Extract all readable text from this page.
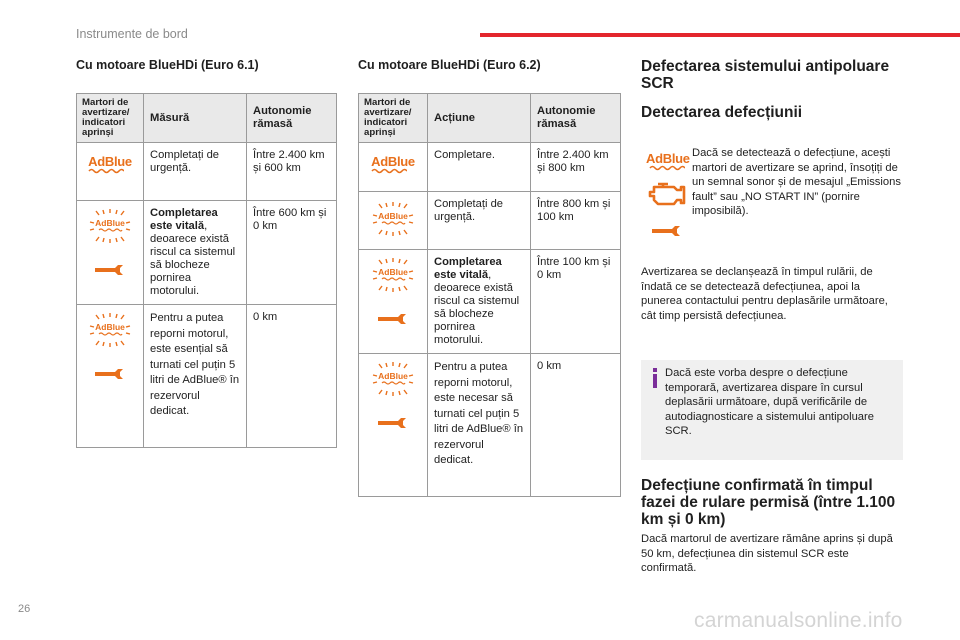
Instrumente de bord
Cu motoare BlueHDi (Euro 6.1)
Martori de avertizare/ indicatori aprinși	Măsură	Autonomie rămasă

AdBlue	Completați de urgență.	Între 2.400 km și 600 km

AdBlue	Completarea este vitală, deoarece există riscul ca sistemul să blocheze pornirea motorului.	Între 600 km și 0 km

AdBlue	Pentru a putea reporni motorul, este esențial să turnati cel puțin 5 litri de AdBlue® în rezervorul dedicat.	0 km
Cu motoare BlueHDi (Euro 6.2)
Martori de avertizare/ indicatori aprinși	Acțiune	Autonomie rămasă

AdBlue	Completare.	Între 2.400 km și 800 km

AdBlue	Completați de urgență.	Între 800 km și 100 km

AdBlue	Completarea este vitală, deoarece există riscul ca sistemul să blocheze pornirea motorului.	Între 100 km și 0 km

AdBlue	Pentru a putea reporni motorul, este necesar să turnati cel puțin 5 litri de AdBlue® în rezervorul dedicat.	0 km
Defectarea sistemului antipoluare SCR
Detectarea defecțiunii
AdBlue Dacă se detectează o defecțiune, acești martori de avertizare se aprind, însoțiți de un semnal sonor și de mesajul „Emissions fault” sau „NO START IN” (pornire imposibilă).
Avertizarea se declanșează în timpul rulării, de îndată ce se detectează defecțiunea, apoi la punerea contactului pentru deplasările următoare, cât timp persistă defecțiunea.
Dacă este vorba despre o defecțiune temporară, avertizarea dispare în cursul deplasării următoare, după verificările de autodiagnosticare a sistemului antipoluare SCR.
Defecțiune confirmată în timpul fazei de rulare permisă (între 1.100 km și 0 km)
Dacă martorul de avertizare rămâne aprins și după 50 km, defecțiunea din sistemul SCR este confirmată.
26	carmanualsonline.info
